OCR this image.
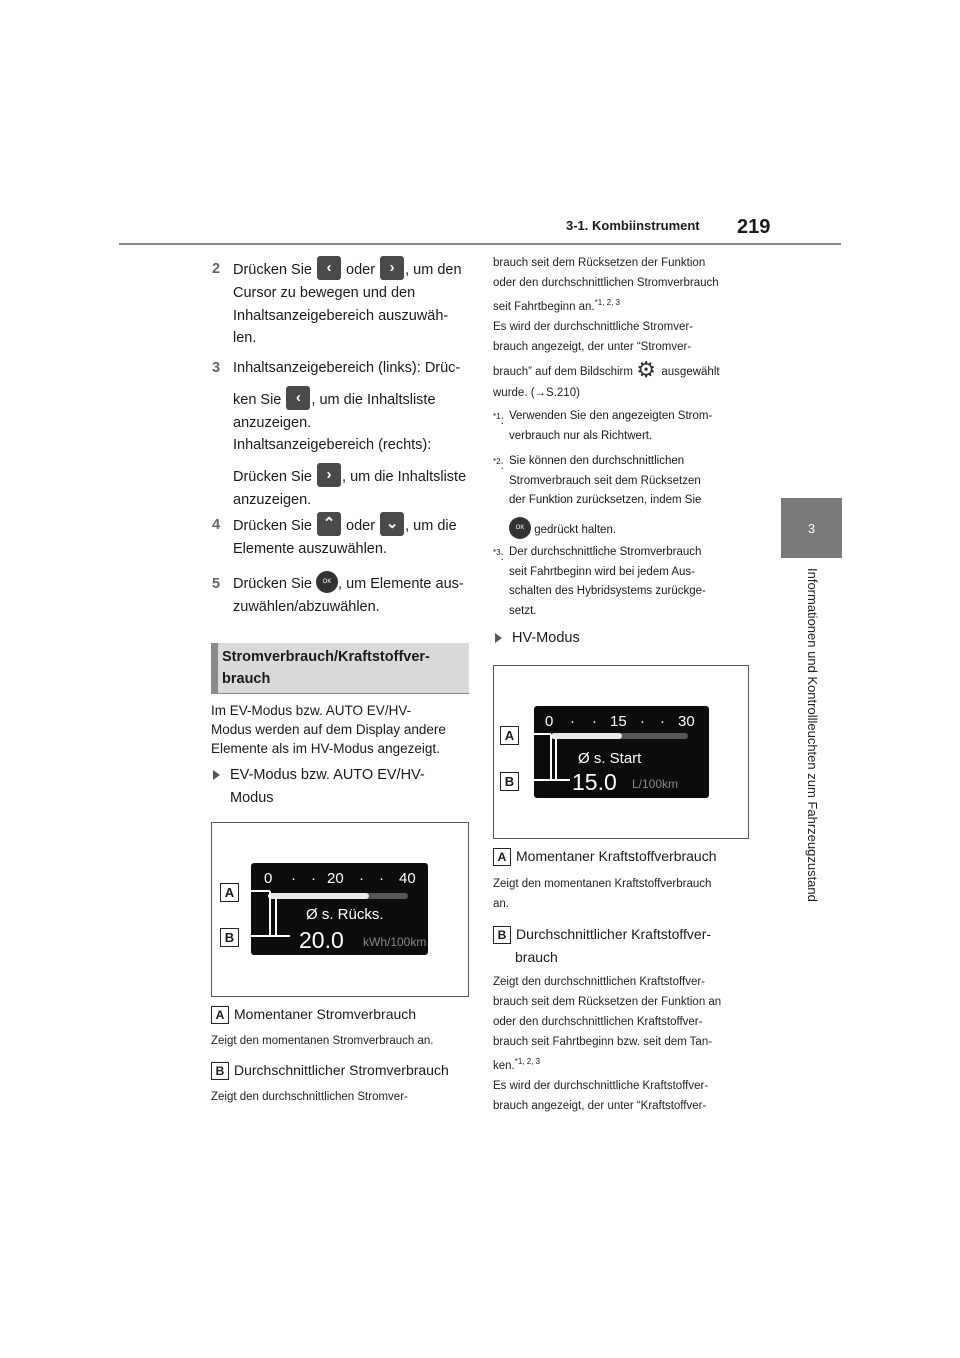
3-1. Kombiinstrument 219
3
Informationen und Kontrollleuchten zum Fahrzeugzustand
2 Drücken Sie ‹ oder › , um den
Cursor zu bewegen und den
Inhaltsanzeigebereich auszuwäh-
len.
3 Inhaltsanzeigebereich (links): Drüc-
ken Sie ‹ , um die Inhaltsliste
anzuzeigen.
Inhaltsanzeigebereich (rechts):
Drücken Sie › , um die Inhaltsliste
anzuzeigen.
4 Drücken Sie ⌃ oder ⌄ , um die
Elemente auszuwählen.
5 Drücken Sie OK , um Elemente aus-
zuwählen/abzuwählen.
Stromverbrauch/Kraftstoffver-
brauch
Im EV-Modus bzw. AUTO EV/HV-
Modus werden auf dem Display andere
Elemente als im HV-Modus angezeigt.
EV-Modus bzw. AUTO EV/HV-
Modus
0 · · 20 · · 40
Ø s. Rücks.
20.0 kWh/100km
A
B
A Momentaner Stromverbrauch
Zeigt den momentanen Stromverbrauch an.
B Durchschnittlicher Stromverbrauch
Zeigt den durchschnittlichen Stromver-
brauch seit dem Rücksetzen der Funktion
oder den durchschnittlichen Stromverbrauch
seit Fahrtbeginn an.$^{*1, 2, 3}$
Es wird der durchschnittliche Stromver-
brauch angezeigt, der unter “Stromver-
brauch” auf dem Bildschirm ⚙ ausgewählt
wurde. (→S.210)
$^{*1}$: Verwenden Sie den angezeigten Strom-
verbrauch nur als Richtwert.
$^{*2}$: Sie können den durchschnittlichen
Stromverbrauch seit dem Rücksetzen
der Funktion zurücksetzen, indem Sie
OK gedrückt halten.
$^{*3}$: Der durchschnittliche Stromverbrauch
seit Fahrtbeginn wird bei jedem Aus-
schalten des Hybridsystems zurückge-
setzt.
HV-Modus
0 · · 15 · · 30
Ø s. Start
15.0 L/100km
A
B
A Momentaner Kraftstoffverbrauch
Zeigt den momentanen Kraftstoffverbrauch
an.
B Durchschnittlicher Kraftstoffver-
brauch
Zeigt den durchschnittlichen Kraftstoffver-
brauch seit dem Rücksetzen der Funktion an
oder den durchschnittlichen Kraftstoffver-
brauch seit Fahrtbeginn bzw. seit dem Tan-
ken.$^{*1, 2, 3}$
Es wird der durchschnittliche Kraftstoffver-
brauch angezeigt, der unter “Kraftstoffver-
